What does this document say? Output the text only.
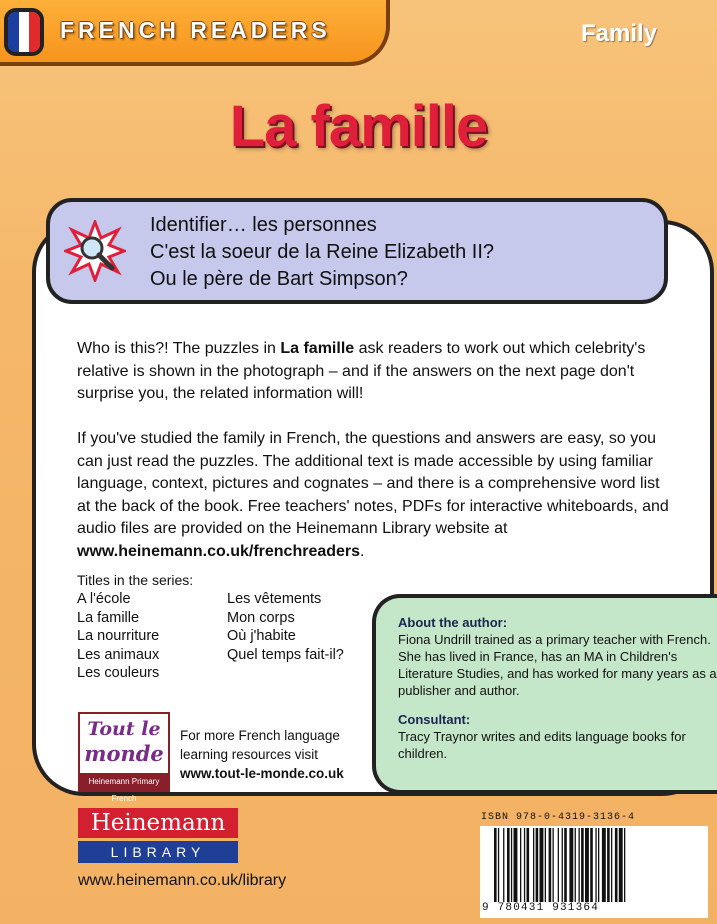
FRENCH READERS	Family
La famille
Identifier… les personnes
C'est la soeur de la Reine Elizabeth II?
Ou le père de Bart Simpson?
Who is this?! The puzzles in La famille ask readers to work out which celebrity's relative is shown in the photograph – and if the answers on the next page don't surprise you, the related information will!
If you've studied the family in French, the questions and answers are easy, so you can just read the puzzles. The additional text is made accessible by using familiar language, context, pictures and cognates – and there is a comprehensive word list at the back of the book. Free teachers' notes, PDFs for interactive whiteboards, and audio files are provided on the Heinemann Library website at www.heinemann.co.uk/frenchreaders.
Titles in the series:
A l'école
La famille
La nourriture
Les animaux
Les couleurs
Les vêtements
Mon corps
Où j'habite
Quel temps fait-il?
About the author:
Fiona Undrill trained as a primary teacher with French. She has lived in France, has an MA in Children's Literature Studies, and has worked for many years as a publisher and author.
Consultant:
Tracy Traynor writes and edits language books for children.
Tout le
monde
Heinemann Primary French
For more French language
learning resources visit
www.tout-le-monde.co.uk
Heinemann
LIBRARY
www.heinemann.co.uk/library
ISBN 978-0-4319-3136-4
9 780431 931364
